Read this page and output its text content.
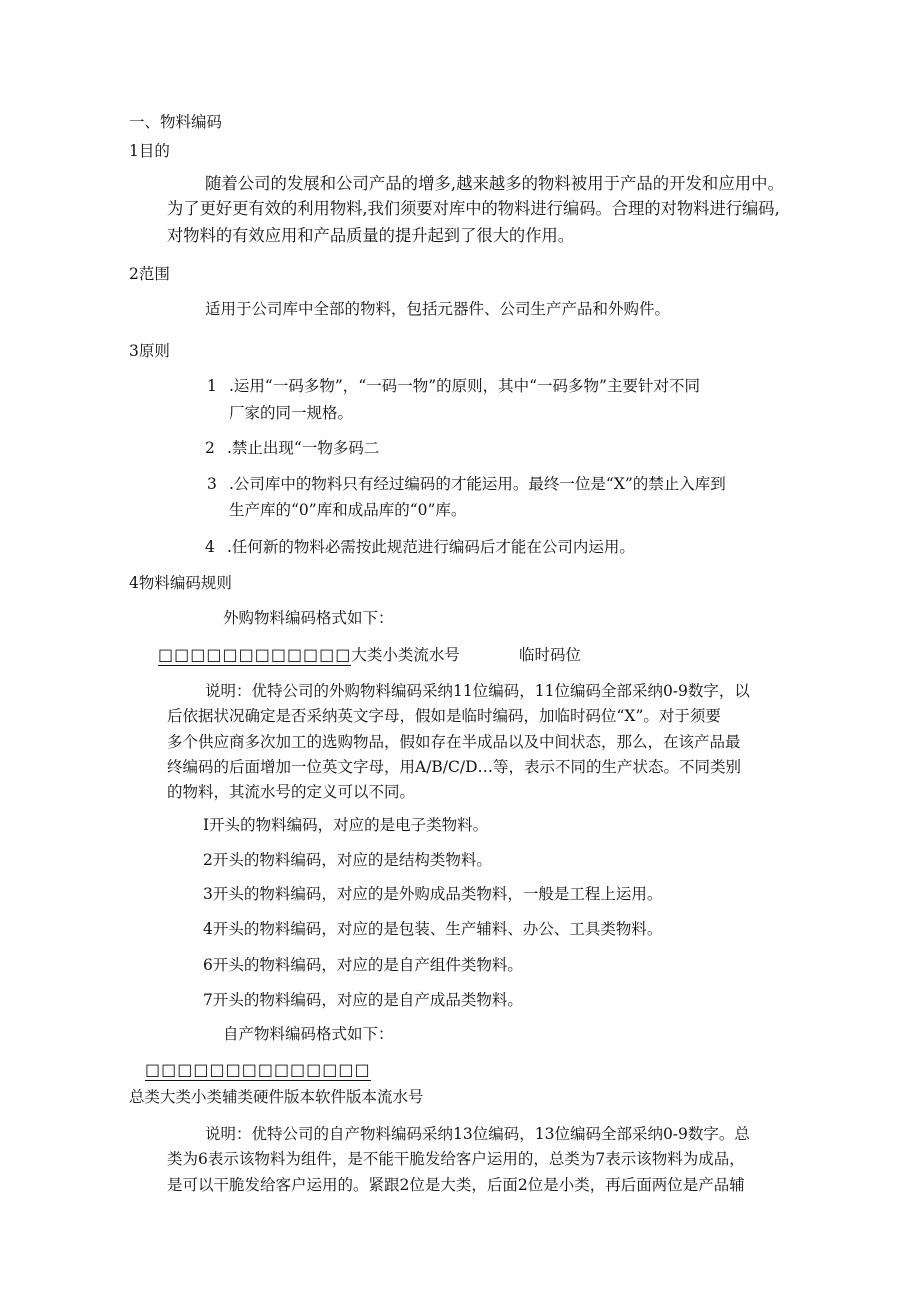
一、物料编码
1目的
随着公司的发展和公司产品的增多,越来越多的物料被用于产品的开发和应用中。
为了更好更有效的利用物料,我们须要对库中的物料进行编码。合理的对物料进行编码,
对物料的有效应用和产品质量的提升起到了很大的作用。
2范围
适用于公司库中全部的物料，包括元器件、公司生产产品和外购件。
3原则
1 .运用“一码多物”，“一码一物”的原则，其中“一码多物”主要针对不同
厂家的同一规格。
2 .禁止出现“一物多码二
3 .公司库中的物料只有经过编码的才能运用。最终一位是“X”的禁止入库到
生产库的“0”库和成品库的“0”库。
4 .任何新的物料必需按此规范进行编码后才能在公司内运用。
4物料编码规则
外购物料编码格式如下：
□□□□□□□□□□□□大类小类流水号	临时码位
说明：优特公司的外购物料编码采纳11位编码，11位编码全部采纳0-9数字，以
后依据状况确定是否采纳英文字母，假如是临时编码，加临时码位“X”。对于须要
多个供应商多次加工的选购物品，假如存在半成品以及中间状态，那么，在该产品最
终编码的后面增加一位英文字母，用A/B/C/D…等，表示不同的生产状态。不同类别
的物料，其流水号的定义可以不同。
I开头的物料编码，对应的是电子类物料。
2开头的物料编码，对应的是结构类物料。
3开头的物料编码，对应的是外购成品类物料，一般是工程上运用。
4开头的物料编码，对应的是包装、生产辅料、办公、工具类物料。
6开头的物料编码，对应的是自产组件类物料。
7开头的物料编码，对应的是自产成品类物料。
自产物料编码格式如下：
□□□□□□□□□□□□□□
总类大类小类辅类硬件版本软件版本流水号
说明：优特公司的自产物料编码采纳13位编码，13位编码全部采纳0-9数字。总
类为6表示该物料为组件，是不能干脆发给客户运用的，总类为7表示该物料为成品，
是可以干脆发给客户运用的。紧跟2位是大类，后面2位是小类，再后面两位是产品辅
